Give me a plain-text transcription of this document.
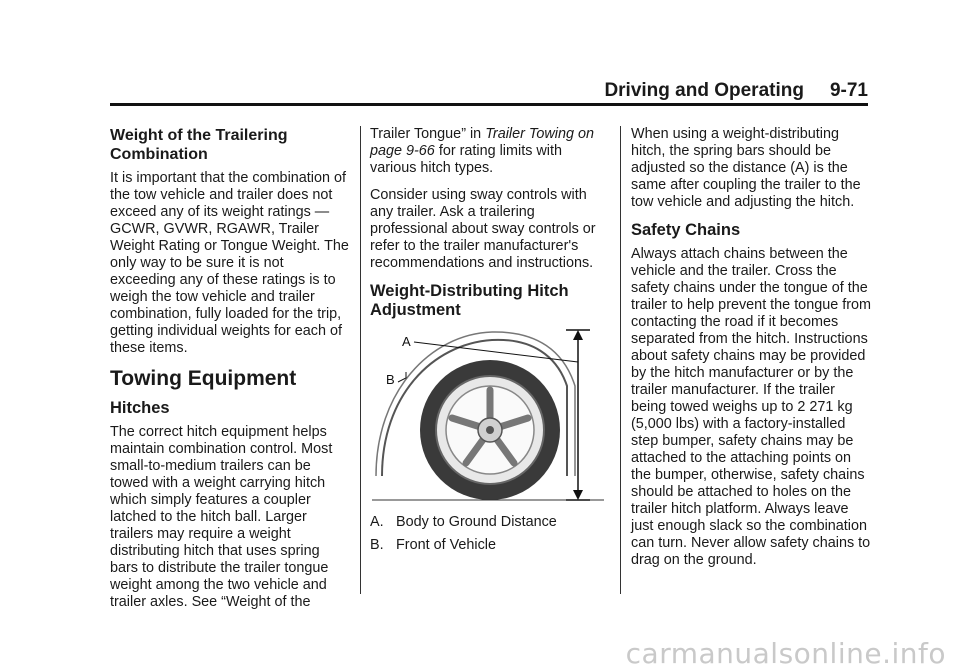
Driving and Operating 9-71
Weight of the Trailering Combination

It is important that the combination of the tow vehicle and trailer does not exceed any of its weight ratings — GCWR, GVWR, RGAWR, Trailer Weight Rating or Tongue Weight. The only way to be sure it is not exceeding any of these ratings is to weigh the tow vehicle and trailer combination, fully loaded for the trip, getting individual weights for each of these items.

Towing Equipment
Hitches

The correct hitch equipment helps maintain combination control. Most small-to-medium trailers can be towed with a weight carrying hitch which simply features a coupler latched to the hitch ball. Larger trailers may require a weight distributing hitch that uses spring bars to distribute the trailer tongue weight among the two vehicle and trailer axles. See “Weight of the

Trailer Tongue” in Trailer Towing on page 9-66 for rating limits with various hitch types.

Consider using sway controls with any trailer. Ask a trailering professional about sway controls or refer to the trailer manufacturer's recommendations and instructions.

Weight-Distributing Hitch Adjustment
A
B
A. Body to Ground Distance
B. Front of Vehicle

When using a weight-distributing hitch, the spring bars should be adjusted so the distance (A) is the same after coupling the trailer to the tow vehicle and adjusting the hitch.

Safety Chains

Always attach chains between the vehicle and the trailer. Cross the safety chains under the tongue of the trailer to help prevent the tongue from contacting the road if it becomes separated from the hitch. Instructions about safety chains may be provided by the hitch manufacturer or by the trailer manufacturer. If the trailer being towed weighs up to 2 271 kg (5,000 lbs) with a factory-installed step bumper, safety chains may be attached to the attaching points on the bumper, otherwise, safety chains should be attached to holes on the trailer hitch platform. Always leave just enough slack so the combination can turn. Never allow safety chains to drag on the ground.

carmanualsonline.info
